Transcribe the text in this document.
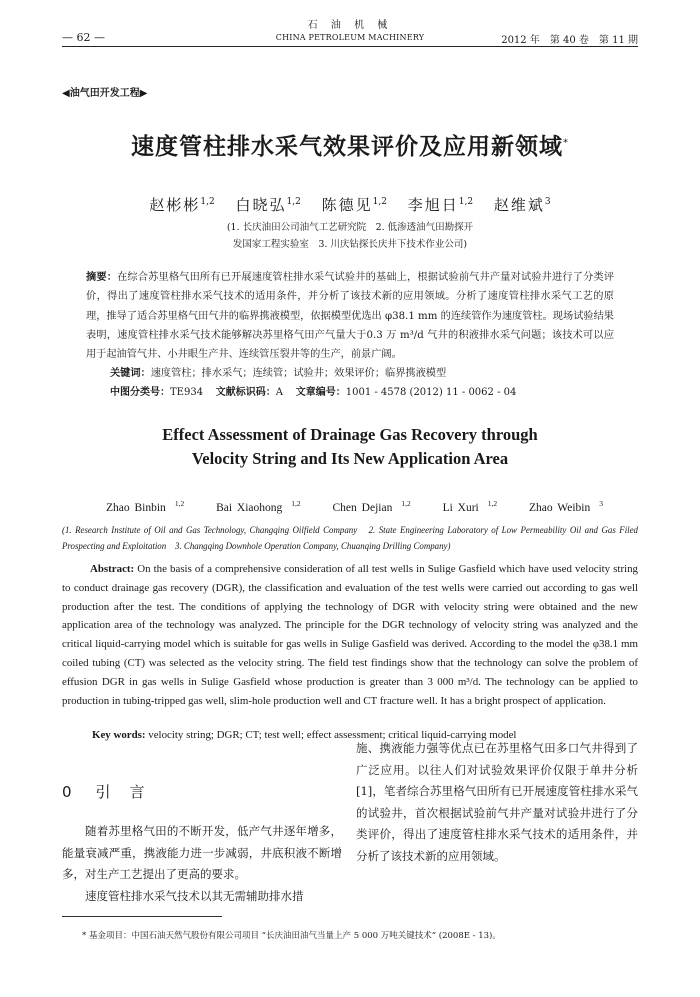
石 油 机 械
CHINA PETROLEUM MACHINERY
— 62 —	2012 年　第 40 卷　第 11 期
◀油气田开发工程▶
速度管柱排水采气效果评价及应用新领域*
赵彬彬$^{1,2}$ 白晓弘$^{1,2}$ 陈德见$^{1,2}$ 李旭日$^{1,2}$ 赵维斌$^3$
(1. 长庆油田公司油气工艺研究院　2. 低渗透油气田勘探开
发国家工程实验室　3. 川庆钻探长庆井下技术作业公司)
摘要：在综合苏里格气田所有已开展速度管柱排水采气试验井的基础上，根据试验前气井产量对试验井进行了分类评价，得出了速度管柱排水采气技术的适用条件，并分析了该技术新的应用领域。分析了速度管柱排水采气工艺的原理，推导了适合苏里格气田气井的临界携液模型，依据模型优选出 φ38.1 mm 的连续管作为速度管柱。现场试验结果表明，速度管柱排水采气技术能够解决苏里格气田产气量大于0.3 万 m³/d 气井的积液排水采气问题；该技术可以应用于起油管气井、小井眼生产井、连续管压裂井等的生产，前景广阔。
关键词：速度管柱；排水采气；连续管；试验井；效果评价；临界携液模型
中图分类号：TE934 文献标识码：A 文章编号：1001 - 4578 (2012) 11 - 0062 - 04
Effect Assessment of Drainage Gas Recovery through
Velocity String and Its New Application Area
Zhao Binbin $^{1,2}$	Bai Xiaohong $^{1,2}$	Chen Dejian $^{1,2}$	Li Xuri $^{1,2}$	Zhao Weibin $^3$
(1. Research Institute of Oil and Gas Technology, Changqing Oilfield Company　2. State Engineering Laboratory of Low Permeability Oil and Gas Filed Prospecting and Exploitation　3. Changqing Downhole Operation Company, Chuanqing Drilling Company)
Abstract: On the basis of a comprehensive consideration of all test wells in Sulige Gasfield which have used velocity string to conduct drainage gas recovery (DGR), the classification and evaluation of the test wells were carried out according to gas well production after the test. The conditions of applying the technology of DGR with velocity string were obtained and the new application area of the technology was analyzed. The principle for the DGR technology of velocity string was analyzed and the critical liquid-carrying model which is suitable for gas wells in Sulige Gasfield was derived. According to the model the φ38.1 mm coiled tubing (CT) was selected as the velocity string. The field test findings show that the technology can solve the problem of effusion DGR in gas wells in Sulige Gasfield whose production is greater than 3 000 m³/d. The technology can be applied to production in tubing-tripped gas well, slim-hole production well and CT fracture well. It has a bright prospect of application.
Key words: velocity string; DGR; CT; test well; effect assessment; critical liquid-carrying model
0 引　言

随着苏里格气田的不断开发，低产气井逐年增多，能量衰减严重，携液能力进一步减弱，井底积液不断增多，对生产工艺提出了更高的要求。

速度管柱排水采气技术以其无需辅助排水措

施、携液能力强等优点已在苏里格气田多口气井得到了广泛应用。以往人们对试验效果评价仅限于单井分析[1]，笔者综合苏里格气田所有已开展速度管柱排水采气的试验井，首次根据试验前气井产量对试验井进行了分类评价，得出了速度管柱排水采气技术的适用条件，并分析了该技术新的应用领域。

* 基金项目：中国石油天然气股份有限公司项目 “长庆油田油气当量上产 5 000 万吨关键技术” (2008E - 13)。
